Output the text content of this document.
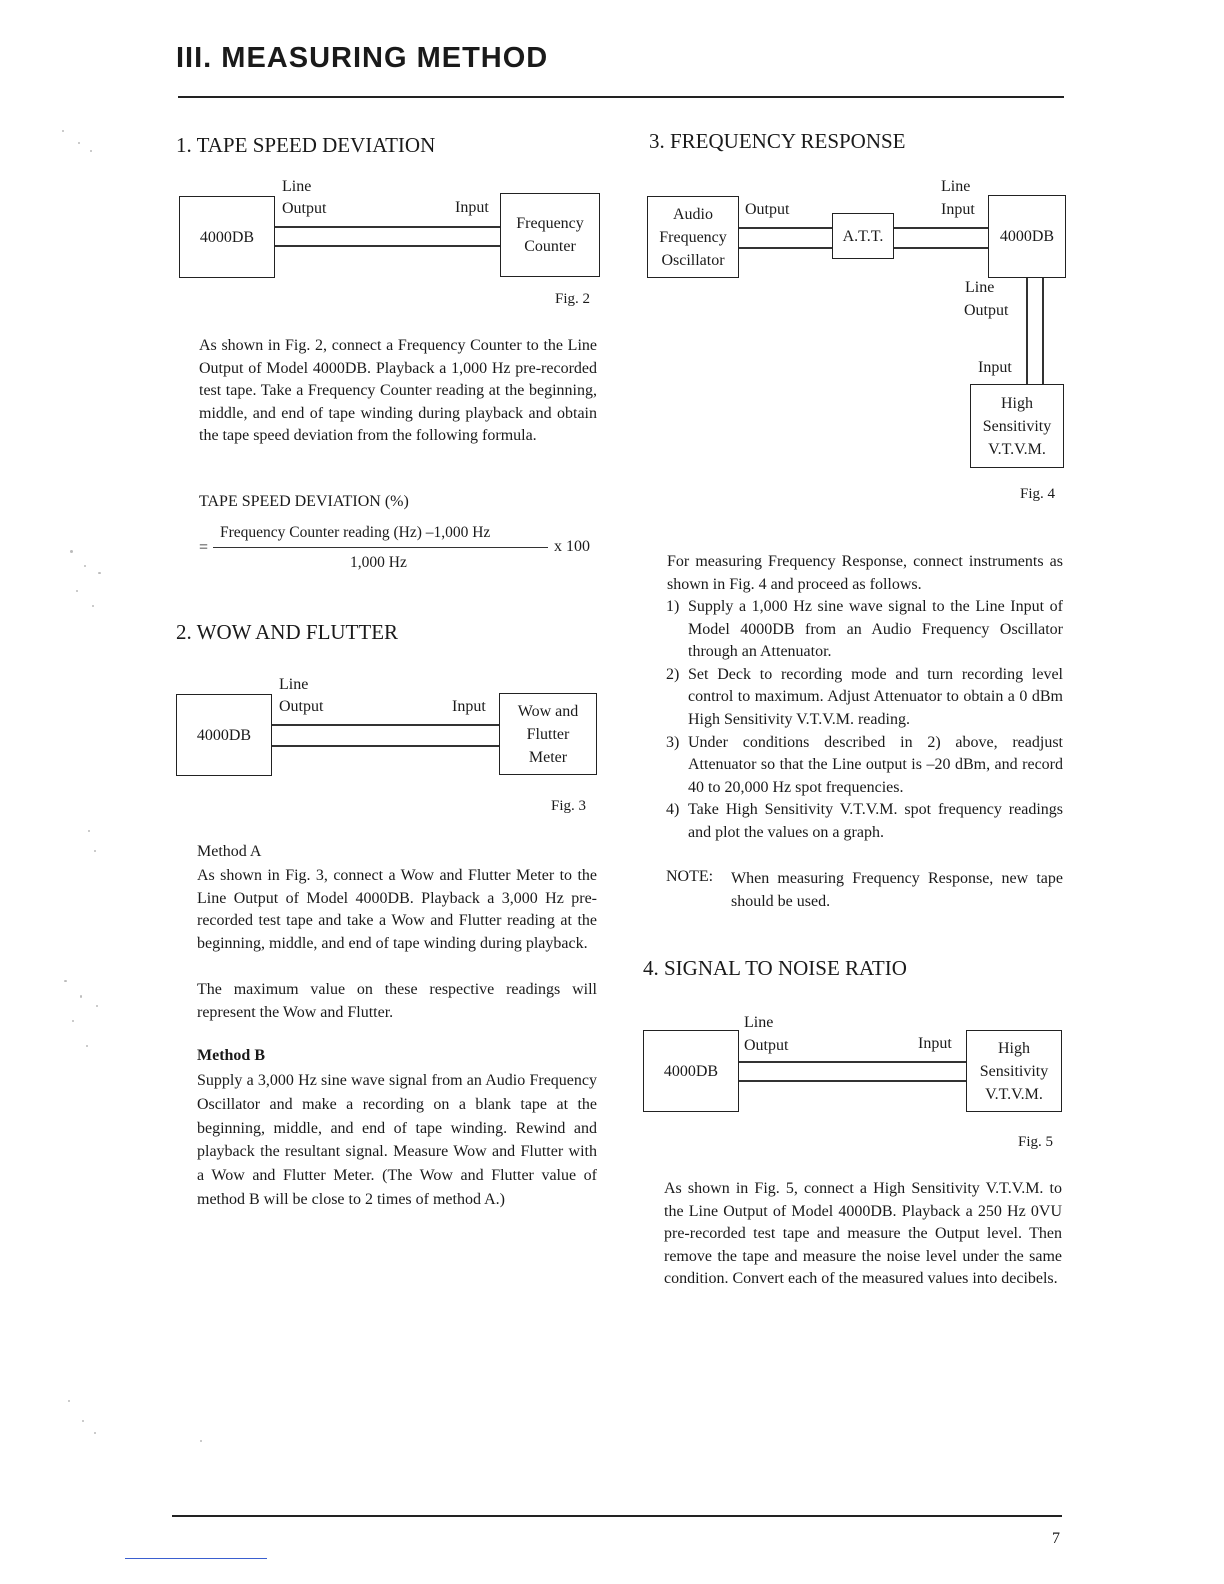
III. MEASURING METHOD
1. TAPE SPEED DEVIATION
4000DB
Frequency
Counter
Line
Output	Input
Fig. 2

As shown in Fig. 2, connect a Frequency Counter to the Line Output of Model 4000DB. Playback a 1,000 Hz pre-recorded test tape. Take a Frequency Counter reading at the beginning, middle, and end of tape winding during playback and obtain the tape speed deviation from the following formula.

TAPE SPEED DEVIATION (%)
=
Frequency Counter reading (Hz) –1,000 Hz
1,000 Hz
x 100
2. WOW AND FLUTTER
4000DB
Wow and
Flutter
Meter
Line
Output	Input
Fig. 3
Method A

As shown in Fig. 3, connect a Wow and Flutter Meter to the Line Output of Model 4000DB. Playback a 3,000 Hz pre-recorded test tape and take a Wow and Flutter reading at the beginning, middle, and end of tape winding during playback.

The maximum value on these respective readings will represent the Wow and Flutter.

Method B

Supply a 3,000 Hz sine wave signal from an Audio Frequency Oscillator and make a recording on a blank tape at the beginning, middle, and end of tape winding. Rewind and playback the resultant signal. Measure Wow and Flutter with a Wow and Flutter Meter. (The Wow and Flutter value of method B will be close to 2 times of method A.)

3. FREQUENCY RESPONSE
Audio
Frequency
Oscillator
A.T.T.	4000DB
High
Sensitivity
V.T.V.M.
Output
Line
Input
Line
Output
Input
Fig. 4

For measuring Frequency Response, connect instruments as shown in Fig. 4 and proceed as follows.

1) Supply a 1,000 Hz sine wave signal to the Line Input of Model 4000DB from an Audio Frequency Oscillator through an Attenuator.
2) Set Deck to recording mode and turn recording level control to maximum. Adjust Attenuator to obtain a 0 dBm High Sensitivity V.T.V.M. reading.
3) Under conditions described in 2) above, readjust Attenuator so that the Line output is –20 dBm, and record 40 to 20,000 Hz spot frequencies.
4) Take High Sensitivity V.T.V.M. spot frequency readings and plot the values on a graph.
NOTE: When measuring Frequency Response, new tape should be used.

4. SIGNAL TO NOISE RATIO
4000DB
High
Sensitivity
V.T.V.M.
Line
Output	Input
Fig. 5

As shown in Fig. 5, connect a High Sensitivity V.T.V.M. to the Line Output of Model 4000DB. Playback a 250 Hz 0VU pre-recorded test tape and measure the Output level. Then remove the tape and measure the noise level under the same condition. Convert each of the measured values into decibels.

7
